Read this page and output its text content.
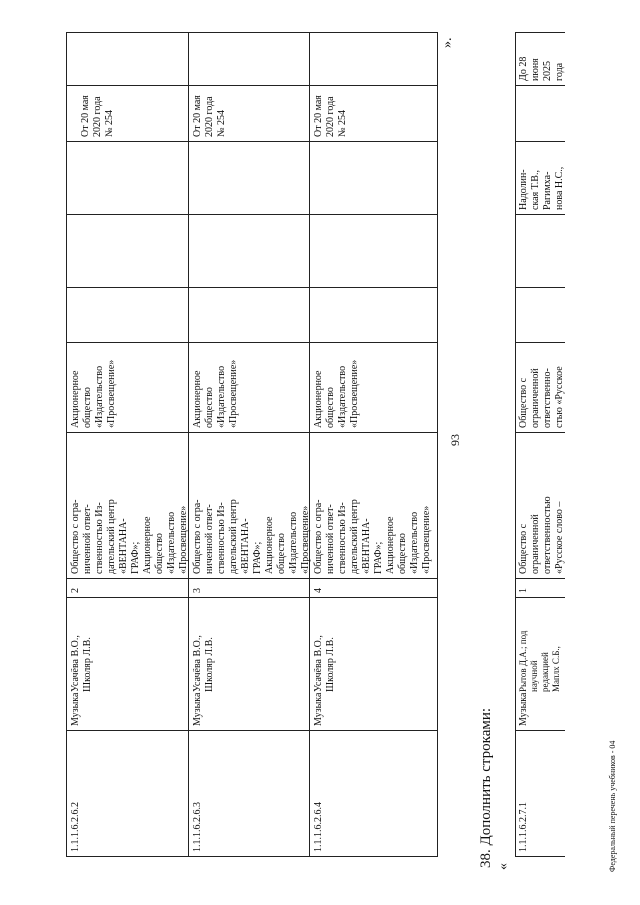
93
1.1.1.6.2.6.2
Музыка
Усачёва В.О.,
Школяр Л.В.
2
Общество с огра-
ниченной ответ-
ственностью Из-
дательский центр
«ВЕНТАНА-
ГРАФ»;
Акционерное
общество
«Издательство
«Просвещение»
Акционерное
общество
«Издательство
«Просвещение»
От 20 мая
2020 года
№ 254
1.1.1.6.2.6.3
Музыка
Усачёва В.О.,
Школяр Л.В.
3
Общество с огра-
ниченной ответ-
ственностью Из-
дательский центр
«ВЕНТАНА-
ГРАФ»;
Акционерное
общество
«Издательство
«Просвещение»
Акционерное
общество
«Издательство
«Просвещение»
От 20 мая
2020 года
№ 254
1.1.1.6.2.6.4
Музыка
Усачёва В.О.,
Школяр Л.В.
4
Общество с огра-
ниченной ответ-
ственностью Из-
дательский центр
«ВЕНТАНА-
ГРАФ»;
Акционерное
общество
«Издательство
«Просвещение»
Акционерное
общество
«Издательство
«Просвещение»
От 20 мая
2020 года
№ 254
».
38. Дополнить строками: «
1.1.1.6.2.7.1
Музыка
Рытов Д.А.; под
научной
редакцией
Маплх С.Б.,
1
Общество с
ограниченной
ответственностью
«Русское слово –
Общество с
ограниченной
ответственно-
стью «Русское
Надолин-
ская Т.В.,
Рагимха-
нова Н.С.,
До 28
июня
2025
года
Федеральный перечень учебников - 04
